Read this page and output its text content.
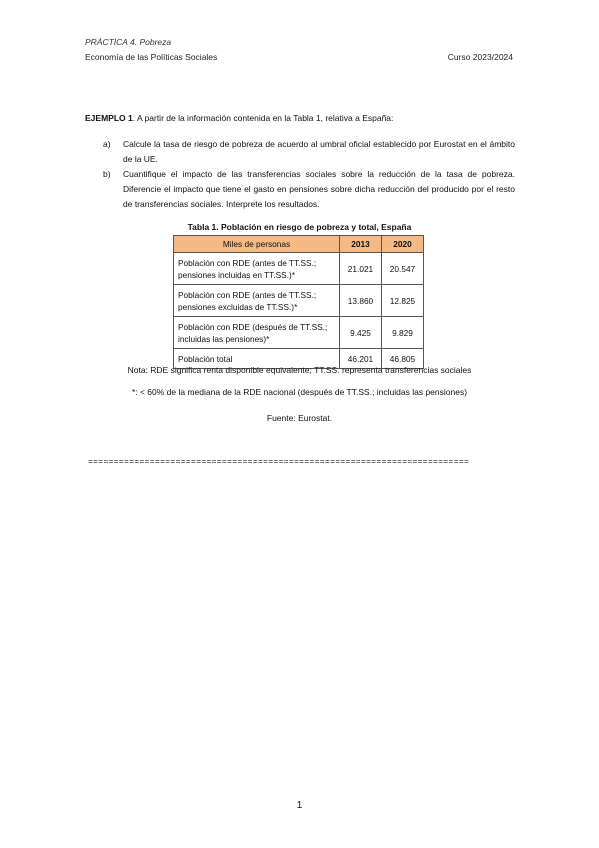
PRÁCTICA 4. Pobreza
Economía de las Políticas Sociales	Curso 2023/2024
EJEMPLO 1. A partir de la información contenida en la Tabla 1, relativa a España:
a) Calcule la tasa de riesgo de pobreza de acuerdo al umbral oficial establecido por Eurostat en el ámbito de la UE.
b) Cuantifique el impacto de las transferencias sociales sobre la reducción de la tasa de pobreza. Diferencie el impacto que tiene el gasto en pensiones sobre dicha reducción del producido por el resto de transferencias sociales. Interprete los resultados.
Tabla 1. Población en riesgo de pobreza y total, España
Miles de personas	2013	2020
Población con RDE (antes de TT.SS.; pensiones incluidas en TT.SS.)*	21.021	20.547
Población con RDE (antes de TT.SS.; pensiones excluidas de TT.SS.)*	13.860	12.825
Población con RDE (después de TT.SS.; incluidas las pensiones)*	9.425	9.829
Población total	46.201	46.805
Nota: RDE significa renta disponible equivalente; TT.SS. representa transferencias sociales
*: < 60% de la mediana de la RDE nacional (después de TT.SS.; incluidas las pensiones)
Fuente: Eurostat.
==========================================================================
1
